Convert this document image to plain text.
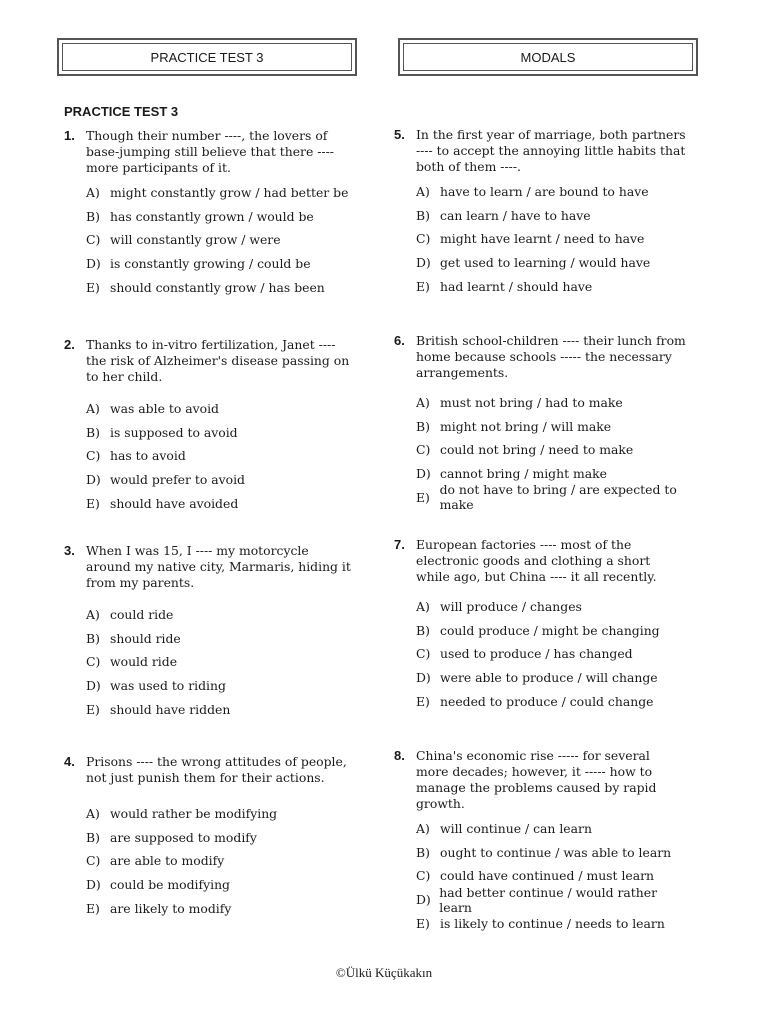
PRACTICE TEST 3	MODALS
PRACTICE TEST 3
1. Though their number ----, the lovers of base-jumping still believe that there ---- more participants of it.
A) might constantly grow / had better be
B) has constantly grown / would be
C) will constantly grow / were
D) is constantly growing / could be
E) should constantly grow / has been
2. Thanks to in-vitro fertilization, Janet ---- the risk of Alzheimer's disease passing on to her child.
A) was able to avoid
B) is supposed to avoid
C) has to avoid
D) would prefer to avoid
E) should have avoided
3. When I was 15, I ---- my motorcycle around my native city, Marmaris, hiding it from my parents.
A) could ride
B) should ride
C) would ride
D) was used to riding
E) should have ridden
4. Prisons ---- the wrong attitudes of people, not just punish them for their actions.
A) would rather be modifying
B) are supposed to modify
C) are able to modify
D) could be modifying
E) are likely to modify
5. In the first year of marriage, both partners ---- to accept the annoying little habits that both of them ----.
A) have to learn / are bound to have
B) can learn / have to have
C) might have learnt / need to have
D) get used to learning / would have
E) had learnt / should have
6. British school-children ---- their lunch from home because schools ----- the necessary arrangements.
A) must not bring / had to make
B) might not bring / will make
C) could not bring / need to make
D) cannot bring / might make
E) do not have to bring / are expected to make
7. European factories ---- most of the electronic goods and clothing a short while ago, but China ---- it all recently.
A) will produce / changes
B) could produce / might be changing
C) used to produce / has changed
D) were able to produce / will change
E) needed to produce / could change
8. China's economic rise ----- for several more decades; however, it ----- how to manage the problems caused by rapid growth.
A) will continue / can learn
B) ought to continue / was able to learn
C) could have continued / must learn
D) had better continue / would rather learn
E) is likely to continue / needs to learn
©Ülkü Küçükakın
